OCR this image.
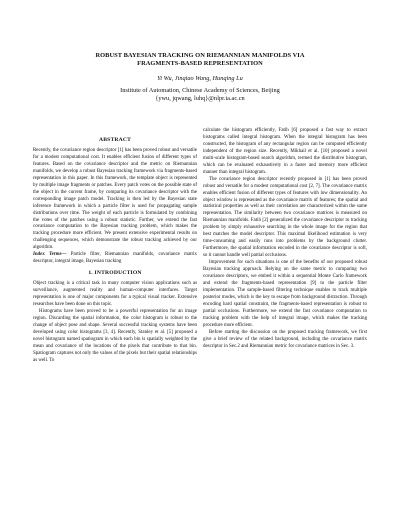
ROBUST BAYESIAN TRACKING ON RIEMANNIAN MANIFOLDS VIA
FRAGMENTS-BASED REPRESENTATION
Yi Wu, Jinqiao Wang, Hanqing Lu
Institute of Automation, Chinese Academy of Sciences, Beijing
{ywu, jqwang, luhq}@nlpr.ia.ac.cn
ABSTRACT

Recently, the covariance region descriptor [1] has been proved robust and versatile for a modest computational cost. It enables efficient fusion of different types of features. Based on the covariance descriptor and the metric on Riemannian manifolds, we develop a robust Bayesian tracking framework via fragments-based representation in this paper. In this framework, the template object is represented by multiple image fragments or patches. Every patch votes on the possible state of the object in the current frame, by comparing its covariance descriptor with the corresponding image patch model. Tracking is then led by the Bayesian state inference framework in which a particle filter is used for propagating sample distributions over time. The weight of each particle is formulated by combining the votes of the patches using a robust statistic. Further, we extend the fast covariance computation to the Bayesian tracking problem, which makes the tracking procedure more efficient. We present extensive experimental results on challenging sequences, which demonstrate the robust tracking achieved by our algorithm.

Index Terms— Particle filter, Riemannian manifolds, covariance matrix descriptor, integral image, Bayesian tracking

1. INTRODUCTION

Object tracking is a critical task in many computer vision applications such as surveillance, augmented reality and human-computer interfaces. Target representation is one of major components for a typical visual tracker. Extensive researches have been done on this topic.

Histograms have been proved to be a powerful representation for an image region. Discarding the spatial information, the color histogram is robust to the change of object pose and shape. Several successful tracking systems have been developed using color histograms [3, 4]. Recently, Stanley et al. [5] proposed a novel histogram named spatiogram in which each bin is spatially weighted by the mean and covariance of the locations of the pixels that contribute to that bin. Spatiogram captures not only the values of the pixels but their spatial relationships as well. To

calculate the histogram efficiently, Fatih [6] proposed a fast way to extract histograms called integral histogram. When the integral histogram has been constructed, the histogram of any rectangular region can be computed efficiently independent of the region size. Recently, Mikhail et al. [10] proposed a novel multi-scale histogram-based search algorithm, termed the distributive histogram, which can be evaluated exhaustively in a faster and memory more efficient manner than integral histogram.

The covariance region descriptor recently proposed in [1] has been proved robust and versatile for a modest computational cost [2, 7]. The covariance matrix enables efficient fusion of different types of features with low dimensionality. An object window is represented as the covariance matrix of features; the spatial and statistical properties as well as their correlation are characterized within the same representation. The similarity between two covariance matrices is measured on Riemannian manifolds. Fatih [2] generalized the covariance descriptor to tracking problem by simply exhaustive searching in the whole image for the region that best matches the model descriptor. This maximal likelihood estimation is very time-consuming and easily runs into problems by the background clutter. Furthermore, the spatial information encoded in the covariance descriptor is soft, so it cannot handle well partial occlusions.

Improvement for such situations is one of the benefits of our proposed robust Bayesian tracking approach. Relying on the same metric to comparing two covariance descriptors, we embed it within a sequential Monte Carlo framework and extend the fragments-based representation [9] to the particle filter implementation. The sample-based filtering technique enables to track multiple posterior modes, which is the key to escape from background distraction. Through encoding hard spatial constraint, the fragments-based representation is robust to partial occlusions. Furthermore, we extend the fast covariance computation to tracking problem with the help of integral image, which makes the tracking procedure more efficient.

Before starting the discussion on the proposed tracking framework, we first give a brief review of the related background, including the covariance matrix descriptor in Sec.2 and Riemannian metric for covariance matrices in Sec. 3.
